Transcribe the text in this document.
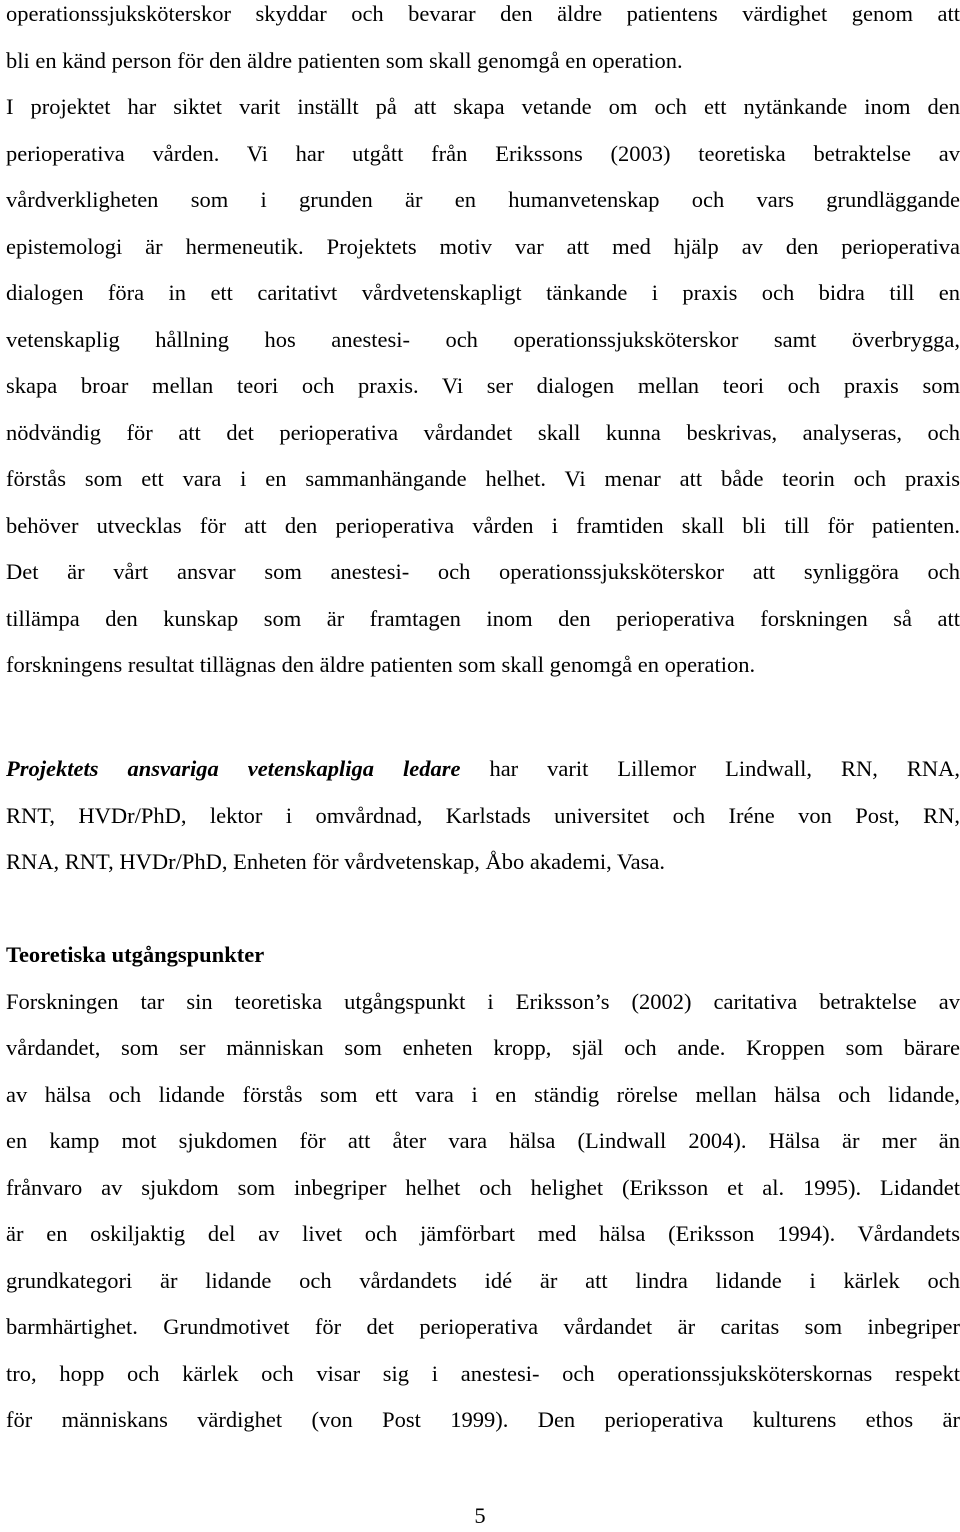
operationssjuksköterskor skyddar och bevarar den äldre patientens värdighet genom att
bli en känd person för den äldre patienten som skall genomgå en operation.
I projektet har siktet varit inställt på att skapa vetande om och ett nytänkande inom den
perioperativa vården. Vi har utgått från Erikssons (2003) teoretiska betraktelse av
vårdverkligheten som i grunden är en humanvetenskap och vars grundläggande
epistemologi är hermeneutik. Projektets motiv var att med hjälp av den perioperativa
dialogen föra in ett caritativt vårdvetenskapligt tänkande i praxis och bidra till en
vetenskaplig hållning hos anestesi- och operationssjuksköterskor samt överbrygga,
skapa broar mellan teori och praxis. Vi ser dialogen mellan teori och praxis som
nödvändig för att det perioperativa vårdandet skall kunna beskrivas, analyseras, och
förstås som ett vara i en sammanhängande helhet. Vi menar att både teorin och praxis
behöver utvecklas för att den perioperativa vården i framtiden skall bli till för patienten.
Det är vårt ansvar som anestesi- och operationssjuksköterskor att synliggöra och
tillämpa den kunskap som är framtagen inom den perioperativa forskningen så att
forskningens resultat tillägnas den äldre patienten som skall genomgå en operation.
Projektets ansvariga vetenskapliga ledare har varit Lillemor Lindwall, RN, RNA,
RNT, HVDr/PhD, lektor i omvårdnad, Karlstads universitet och Iréne von Post, RN,
RNA, RNT, HVDr/PhD, Enheten för vårdvetenskap, Åbo akademi, Vasa.
Teoretiska utgångspunkter
Forskningen tar sin teoretiska utgångspunkt i Eriksson’s (2002) caritativa betraktelse av
vårdandet, som ser människan som enheten kropp, själ och ande. Kroppen som bärare
av hälsa och lidande förstås som ett vara i en ständig rörelse mellan hälsa och lidande,
en kamp mot sjukdomen för att åter vara hälsa (Lindwall 2004). Hälsa är mer än
frånvaro av sjukdom som inbegriper helhet och helighet (Eriksson et al. 1995). Lidandet
är en oskiljaktig del av livet och jämförbart med hälsa (Eriksson 1994). Vårdandets
grundkategori är lidande och vårdandets idé är att lindra lidande i kärlek och
barmhärtighet. Grundmotivet för det perioperativa vårdandet är caritas som inbegriper
tro, hopp och kärlek och visar sig i anestesi- och operationssjuksköterskornas respekt
för människans värdighet (von Post 1999). Den perioperativa kulturens ethos är
5
